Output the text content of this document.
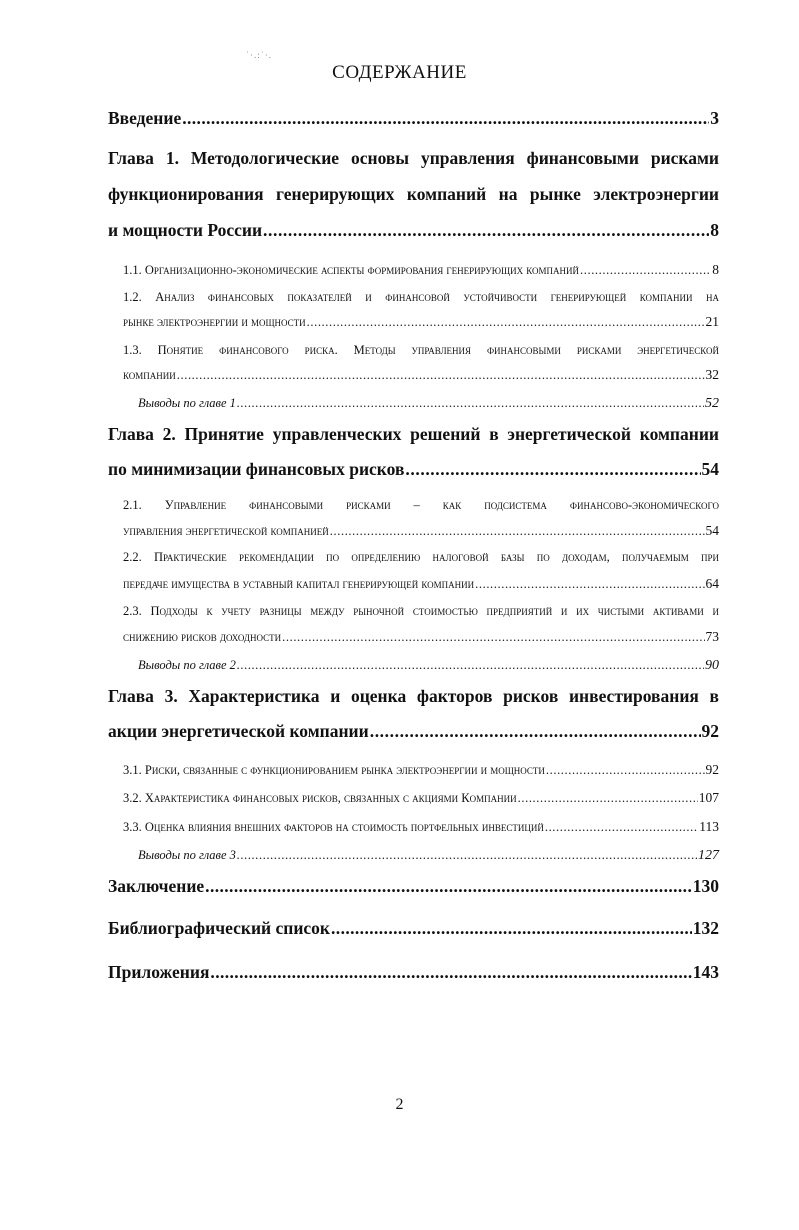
˙·.:˙·.
СОДЕРЖАНИЕ
Введение .....	3
Глава 1. Методологические основы управления финансовыми рисками
функционирования генерирующих компаний на рынке электроэнергии
и мощности России .....	8
1.1. Организационно-экономические аспекты формирования генерирующих компаний .....	8
1.2. Анализ финансовых показателей и финансовой устойчивости генерирующей компании на
рынке электроэнергии и мощности .....	21
1.3. Понятие финансового риска. Методы управления финансовыми рисками энергетической
компании .....	32
Выводы по главе 1 .....	52
Глава 2. Принятие управленческих решений в энергетической компании
по минимизации финансовых рисков .....	54
2.1. Управление финансовыми рисками – как подсистема финансово-экономического
управления энергетической компанией .....	54
2.2. Практические рекомендации по определению налоговой базы по доходам, получаемым при
передаче имущества в уставный капитал генерирующей компании .....	64
2.3. Подходы к учету разницы между рыночной стоимостью предприятий и их чистыми активами и
снижению рисков доходности .....	73
Выводы по главе 2 .....	90
Глава 3. Характеристика и оценка факторов рисков инвестирования в
акции энергетической компании .....	92
3.1. Риски, связанные с функционированием рынка электроэнергии и мощности .....	92
3.2. Характеристика финансовых рисков, связанных с акциями Компании .....	107
3.3. Оценка влияния внешних факторов на стоимость портфельных инвестиций .....	113
Выводы по главе 3 .....	127
Заключение .....	130
Библиографический список .....	132
Приложения .....	143
2
